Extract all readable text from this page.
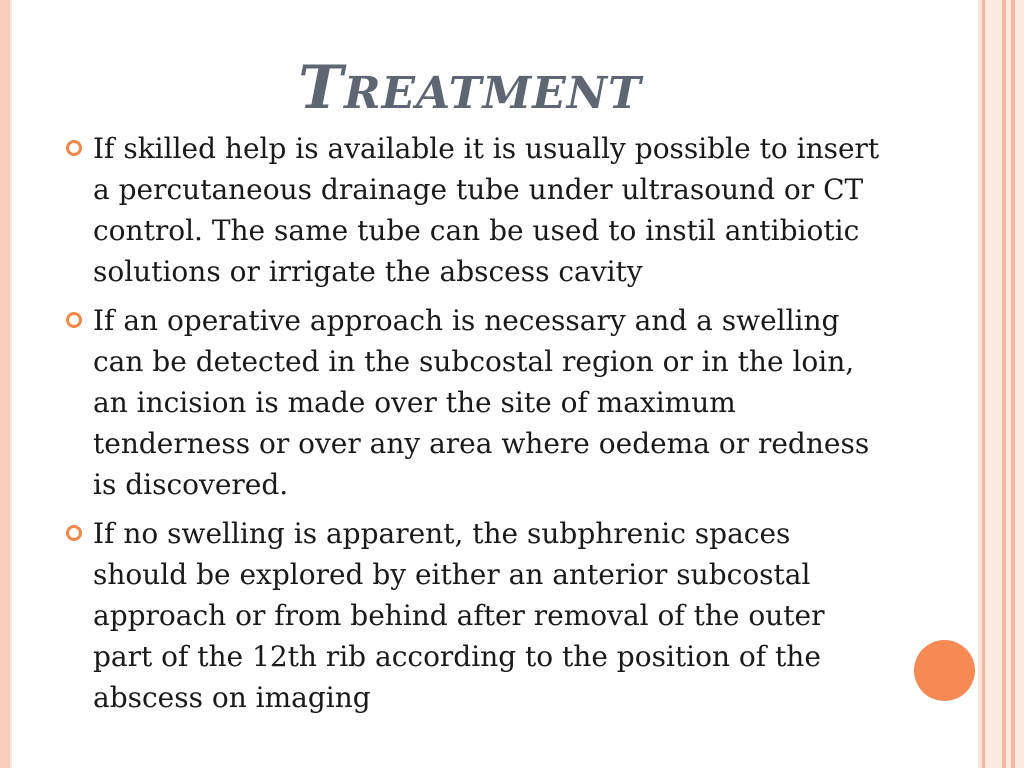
TREATMENT
If skilled help is available it is usually possible to insert a percutaneous drainage tube under ultrasound or CT control. The same tube can be used to instil antibiotic solutions or irrigate the abscess cavity
If an operative approach is necessary and a swelling can be detected in the subcostal region or in the loin, an incision is made over the site of maximum tenderness or over any area where oedema or redness is discovered.
If no swelling is apparent, the subphrenic spaces should be explored by either an anterior subcostal approach or from behind after removal of the outer part of the 12th rib according to the position of the abscess on imaging
